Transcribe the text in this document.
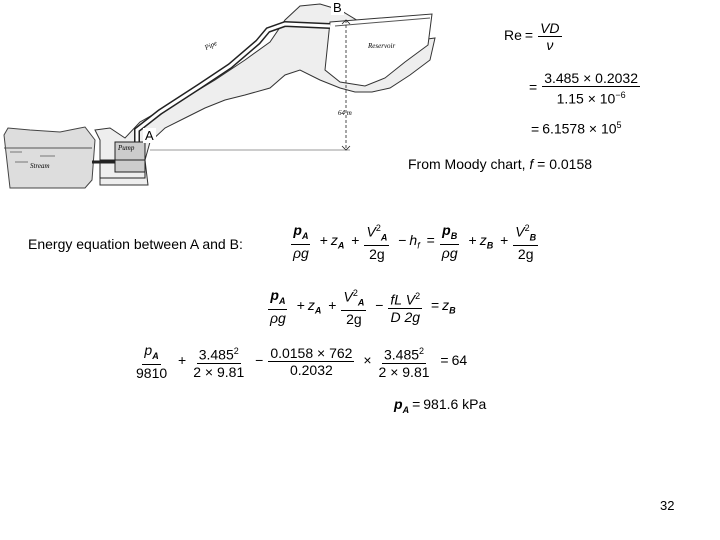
Pipe	Reservoir
Pump
Stream
64 m
B
A
$Re = \frac{VD}{\nu}$
= $\frac{3.485 \times 0.2032}{1.15 \times 10^{-6}}$
= $6.1578 \times 10^5$
From Moody chart, f = 0.0158
Energy equation between A and B:	$\frac{p_A}{\rho g} + z_A + \frac{V^2_A}{2g} - h_f = \frac{p_B}{\rho g} + z_B + \frac{V^2_B}{2g}$
$\frac{p_A}{\rho g} + z_A + \frac{V^2_A}{2g} - \frac{fL V^2}{D 2g} = z_B$
$\frac{p_A}{9810} + \frac{3.485^2}{2 \times 9.81} - \frac{0.0158 \times 762}{0.2032} \times \frac{3.485^2}{2 \times 9.81} = 64$
$p_A = 981.6$ kPa
32
